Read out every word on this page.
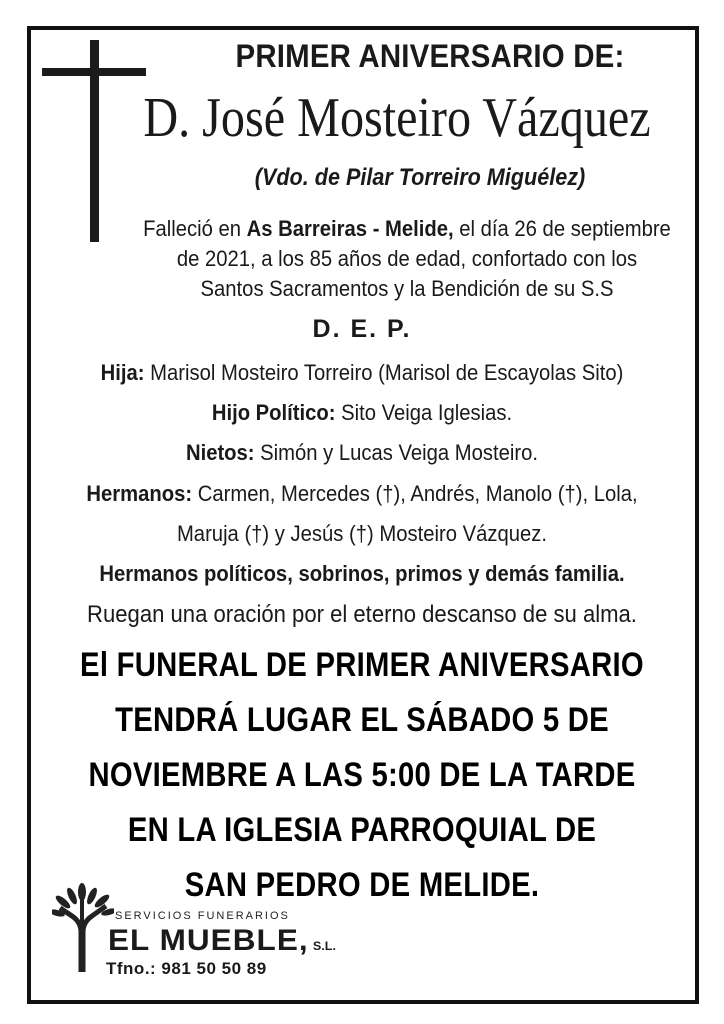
PRIMER ANIVERSARIO DE:
D. José Mosteiro Vázquez
(Vdo. de Pilar Torreiro Miguélez)
Falleció en As Barreiras - Melide, el día 26 de septiembre
de 2021, a los 85 años de edad, confortado con los
Santos Sacramentos y la Bendición de su S.S
D. E. P.
Hija: Marisol Mosteiro Torreiro (Marisol de Escayolas Sito)
Hijo Político: Sito Veiga Iglesias.
Nietos: Simón y Lucas Veiga Mosteiro.
Hermanos: Carmen, Mercedes (†), Andrés, Manolo (†), Lola,
Maruja (†) y Jesús (†) Mosteiro Vázquez.
Hermanos políticos, sobrinos, primos y demás familia.
Ruegan una oración por el eterno descanso de su alma.
El FUNERAL DE PRIMER ANIVERSARIO
TENDRÁ LUGAR EL SÁBADO 5 DE
NOVIEMBRE A LAS 5:00 DE LA TARDE
EN LA IGLESIA PARROQUIAL DE
SAN PEDRO DE MELIDE.
SERVICIOS FUNERARIOS
EL MUEBLE, S.L.
Tfno.: 981 50 50 89
